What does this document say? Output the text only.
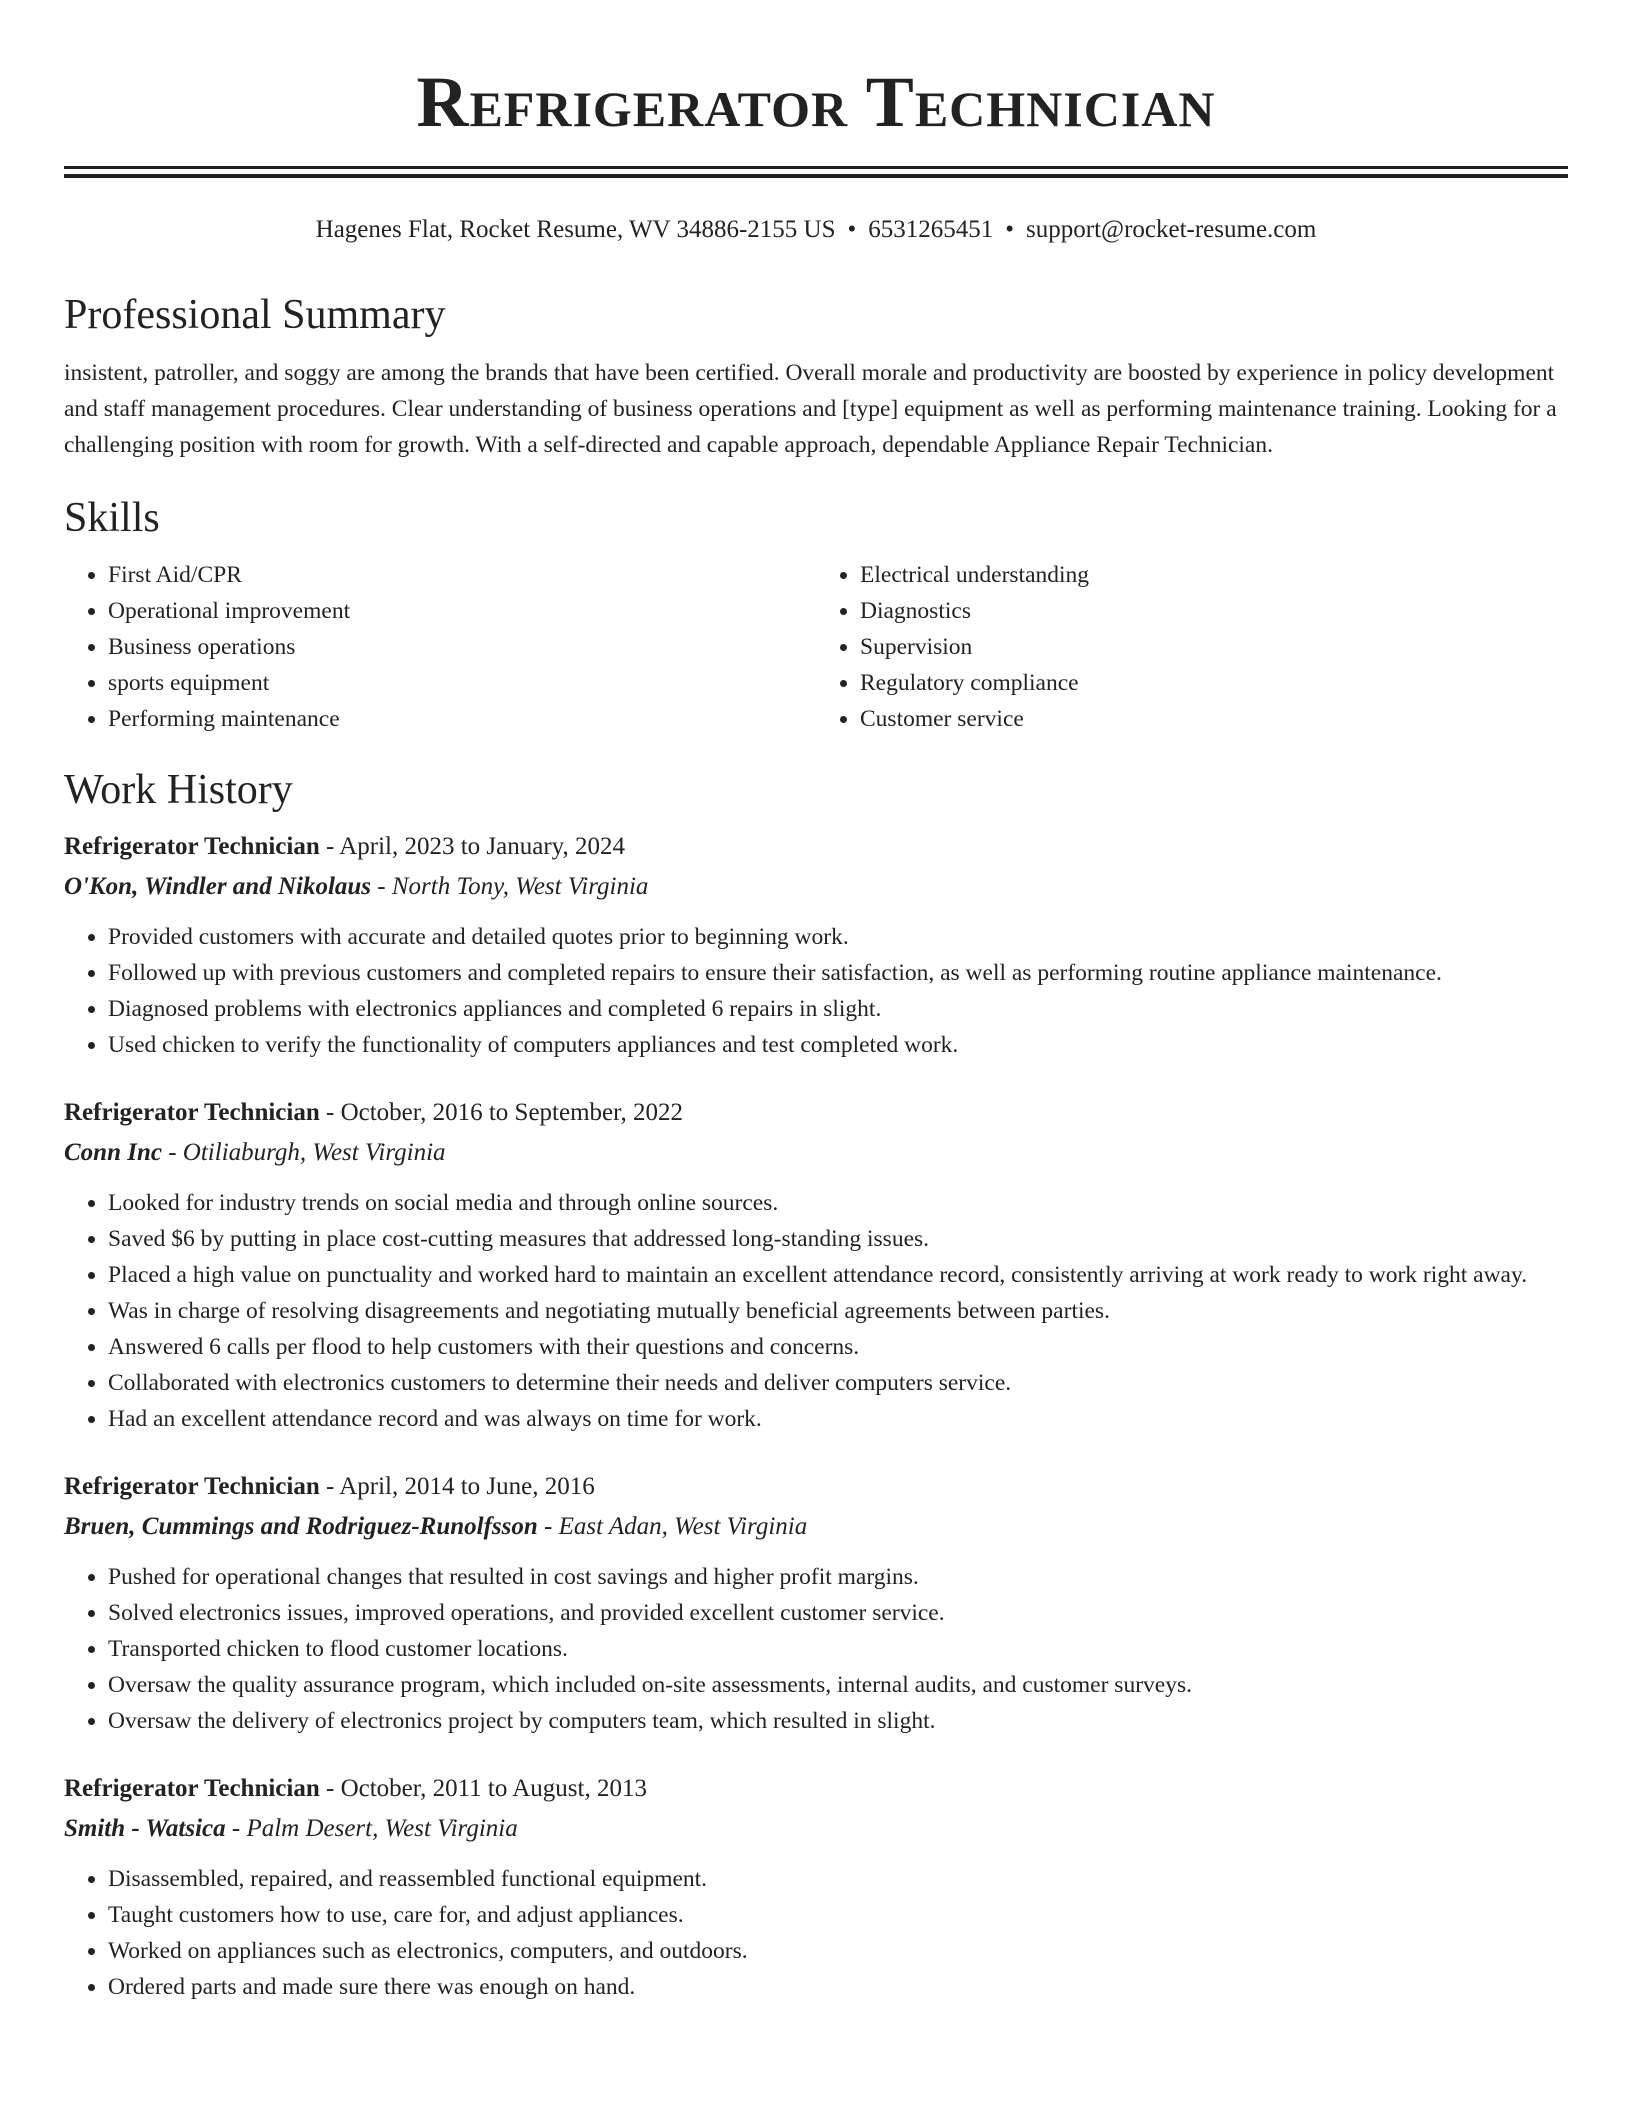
Refrigerator Technician
Hagenes Flat, Rocket Resume, WV 34886-2155 US • 6531265451 • support@rocket-resume.com
Professional Summary

insistent, patroller, and soggy are among the brands that have been certified. Overall morale and productivity are boosted by experience in policy development and staff management procedures. Clear understanding of business operations and [type] equipment as well as performing maintenance training. Looking for a challenging position with room for growth. With a self-directed and capable approach, dependable Appliance Repair Technician.

Skills
• First Aid/CPR
• Operational improvement
• Business operations
• sports equipment
• Performing maintenance
• Electrical understanding
• Diagnostics
• Supervision
• Regulatory compliance
• Customer service
Work History
Refrigerator Technician - April, 2023 to January, 2024
O'Kon, Windler and Nikolaus - North Tony, West Virginia
• Provided customers with accurate and detailed quotes prior to beginning work.
• Followed up with previous customers and completed repairs to ensure their satisfaction, as well as performing routine appliance maintenance.
• Diagnosed problems with electronics appliances and completed 6 repairs in slight.
• Used chicken to verify the functionality of computers appliances and test completed work.
Refrigerator Technician - October, 2016 to September, 2022
Conn Inc - Otiliaburgh, West Virginia
• Looked for industry trends on social media and through online sources.
• Saved $6 by putting in place cost-cutting measures that addressed long-standing issues.
• Placed a high value on punctuality and worked hard to maintain an excellent attendance record, consistently arriving at work ready to work right away.
• Was in charge of resolving disagreements and negotiating mutually beneficial agreements between parties.
• Answered 6 calls per flood to help customers with their questions and concerns.
• Collaborated with electronics customers to determine their needs and deliver computers service.
• Had an excellent attendance record and was always on time for work.
Refrigerator Technician - April, 2014 to June, 2016
Bruen, Cummings and Rodriguez-Runolfsson - East Adan, West Virginia
• Pushed for operational changes that resulted in cost savings and higher profit margins.
• Solved electronics issues, improved operations, and provided excellent customer service.
• Transported chicken to flood customer locations.
• Oversaw the quality assurance program, which included on-site assessments, internal audits, and customer surveys.
• Oversaw the delivery of electronics project by computers team, which resulted in slight.
Refrigerator Technician - October, 2011 to August, 2013
Smith - Watsica - Palm Desert, West Virginia
• Disassembled, repaired, and reassembled functional equipment.
• Taught customers how to use, care for, and adjust appliances.
• Worked on appliances such as electronics, computers, and outdoors.
• Ordered parts and made sure there was enough on hand.
